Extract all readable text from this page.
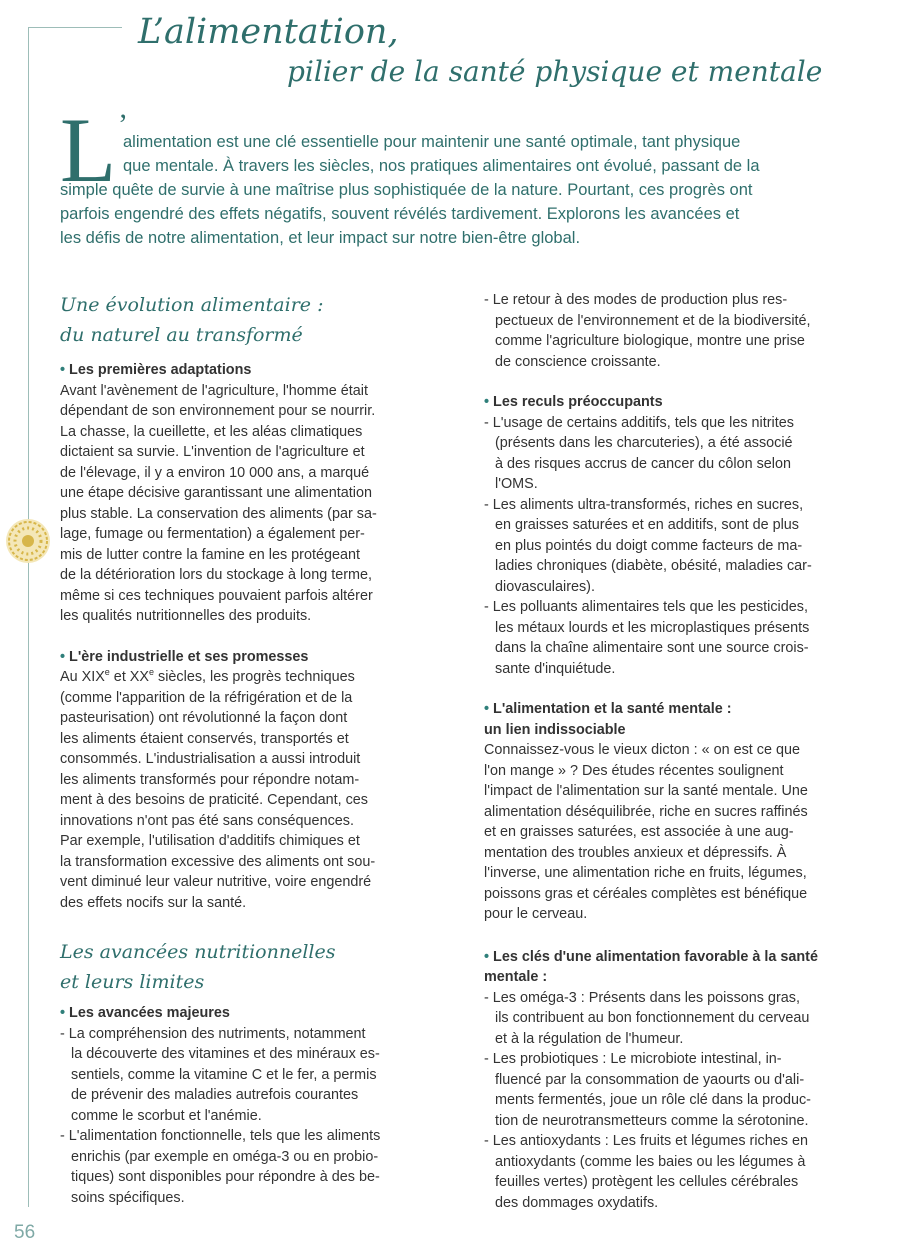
L’alimentation,
pilier de la santé physique et mentale
L ’
alimentation est une clé essentielle pour maintenir une santé optimale, tant physique
que mentale. À travers les siècles, nos pratiques alimentaires ont évolué, passant de la
simple quête de survie à une maîtrise plus sophistiquée de la nature. Pourtant, ces progrès ont
parfois engendré des effets négatifs, souvent révélés tardivement. Explorons les avancées et
les défis de notre alimentation, et leur impact sur notre bien-être global.
Une évolution alimentaire :
du naturel au transformé
• Les premières adaptations
Avant l'avènement de l'agriculture, l'homme était
dépendant de son environnement pour se nourrir.
La chasse, la cueillette, et les aléas climatiques
dictaient sa survie. L'invention de l'agriculture et
de l'élevage, il y a environ 10 000 ans, a marqué
une étape décisive garantissant une alimentation
plus stable. La conservation des aliments (par sa-
lage, fumage ou fermentation) a également per-
mis de lutter contre la famine en les protégeant
de la détérioration lors du stockage à long terme,
même si ces techniques pouvaient parfois altérer
les qualités nutritionnelles des produits.
• L'ère industrielle et ses promesses
Au XIXe et XXe siècles, les progrès techniques
(comme l'apparition de la réfrigération et de la
pasteurisation) ont révolutionné la façon dont
les aliments étaient conservés, transportés et
consommés. L'industrialisation a aussi introduit
les aliments transformés pour répondre notam-
ment à des besoins de praticité. Cependant, ces
innovations n'ont pas été sans conséquences.
Par exemple, l'utilisation d'additifs chimiques et
la transformation excessive des aliments ont sou-
vent diminué leur valeur nutritive, voire engendré
des effets nocifs sur la santé.
Les avancées nutritionnelles
et leurs limites
• Les avancées majeures
- La compréhension des nutriments, notamment
la découverte des vitamines et des minéraux es-
sentiels, comme la vitamine C et le fer, a permis
de prévenir des maladies autrefois courantes
comme le scorbut et l'anémie.
- L'alimentation fonctionnelle, tels que les aliments
enrichis (par exemple en oméga-3 ou en probio-
tiques) sont disponibles pour répondre à des be-
soins spécifiques.
- Le retour à des modes de production plus res-
pectueux de l'environnement et de la biodiversité,
comme l'agriculture biologique, montre une prise
de conscience croissante.
• Les reculs préoccupants
- L'usage de certains additifs, tels que les nitrites
(présents dans les charcuteries), a été associé
à des risques accrus de cancer du côlon selon
l'OMS.
- Les aliments ultra-transformés, riches en sucres,
en graisses saturées et en additifs, sont de plus
en plus pointés du doigt comme facteurs de ma-
ladies chroniques (diabète, obésité, maladies car-
diovasculaires).
- Les polluants alimentaires tels que les pesticides,
les métaux lourds et les microplastiques présents
dans la chaîne alimentaire sont une source crois-
sante d'inquiétude.
• L'alimentation et la santé mentale :
un lien indissociable
Connaissez-vous le vieux dicton : « on est ce que
l'on mange » ? Des études récentes soulignent
l'impact de l'alimentation sur la santé mentale. Une
alimentation déséquilibrée, riche en sucres raffinés
et en graisses saturées, est associée à une aug-
mentation des troubles anxieux et dépressifs. À
l'inverse, une alimentation riche en fruits, légumes,
poissons gras et céréales complètes est bénéfique
pour le cerveau.
• Les clés d'une alimentation favorable à la santé
mentale :
- Les oméga-3 : Présents dans les poissons gras,
ils contribuent au bon fonctionnement du cerveau
et à la régulation de l'humeur.
- Les probiotiques : Le microbiote intestinal, in-
fluencé par la consommation de yaourts ou d'ali-
ments fermentés, joue un rôle clé dans la produc-
tion de neurotransmetteurs comme la sérotonine.
- Les antioxydants : Les fruits et légumes riches en
antioxydants (comme les baies ou les légumes à
feuilles vertes) protègent les cellules cérébrales
des dommages oxydatifs.
56
